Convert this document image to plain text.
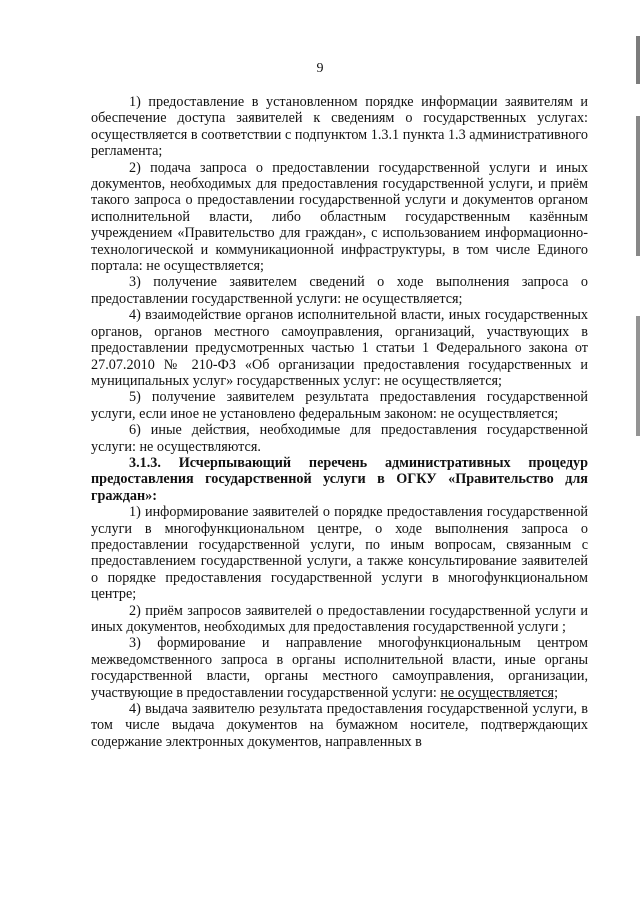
9

1) предоставление в установленном порядке информации заявителям и обеспечение доступа заявителей к сведениям о государственных услугах: осуществляется в соответствии с подпунктом 1.3.1 пункта 1.3 административного регламента;

2) подача запроса о предоставлении государственной услуги и иных документов, необходимых для предоставления государственной услуги, и приём такого запроса о предоставлении государственной услуги и документов органом исполнительной власти, либо областным государственным казённым учреждением «Правительство для граждан», с использованием информационно-технологической и коммуникационной инфраструктуры, в том числе Единого портала: не осуществляется;

3) получение заявителем сведений о ходе выполнения запроса о предоставлении государственной услуги: не осуществляется;

4) взаимодействие органов исполнительной власти, иных государственных органов, органов местного самоуправления, организаций, участвующих в предоставлении предусмотренных частью 1 статьи 1 Федерального закона от 27.07.2010 № 210-ФЗ «Об организации предоставления государственных и муниципальных услуг» государственных услуг: не осуществляется;

5) получение заявителем результата предоставления государственной услуги, если иное не установлено федеральным законом: не осуществляется;

6) иные действия, необходимые для предоставления государственной услуги: не осуществляются.

3.1.3. Исчерпывающий перечень административных процедур предоставления государственной услуги в ОГКУ «Правительство для граждан»:

1) информирование заявителей о порядке предоставления государственной услуги в многофункциональном центре, о ходе выполнения запроса о предоставлении государственной услуги, по иным вопросам, связанным с предоставлением государственной услуги, а также консультирование заявителей о порядке предоставления государственной услуги в многофункциональном центре;

2) приём запросов заявителей о предоставлении государственной услуги и иных документов, необходимых для предоставления государственной услуги ;

3) формирование и направление многофункциональным центром межведомственного запроса в органы исполнительной власти, иные органы государственной власти, органы местного самоуправления, организации, участвующие в предоставлении государственной услуги: не осуществляется;

4) выдача заявителю результата предоставления государственной услуги, в том числе выдача документов на бумажном носителе, подтверждающих содержание электронных документов, направленных в
